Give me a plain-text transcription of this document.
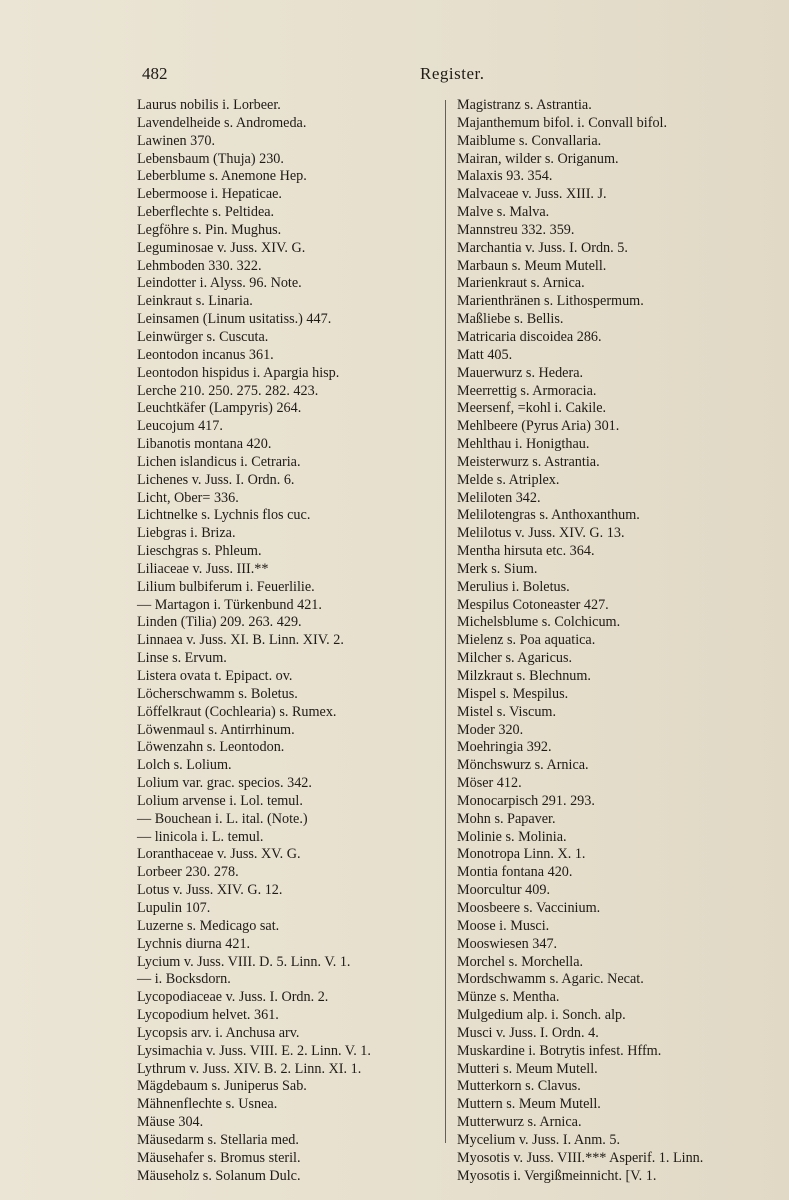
482	Register.
Laurus nobilis i. Lorbeer.
Lavendelheide s. Andromeda.
Lawinen 370.
Lebensbaum (Thuja) 230.
Leberblume s. Anemone Hep.
Lebermoose i. Hepaticae.
Leberflechte s. Peltidea.
Legföhre s. Pin. Mughus.
Leguminosae v. Juss. XIV. G.
Lehmboden 330. 322.
Leindotter i. Alyss. 96. Note.
Leinkraut s. Linaria.
Leinsamen (Linum usitatiss.) 447.
Leinwürger s. Cuscuta.
Leontodon incanus 361.
Leontodon hispidus i. Apargia hisp.
Lerche 210. 250. 275. 282. 423.
Leuchtkäfer (Lampyris) 264.
Leucojum 417.
Libanotis montana 420.
Lichen islandicus i. Cetraria.
Lichenes v. Juss. I. Ordn. 6.
Licht, Ober= 336.
Lichtnelke s. Lychnis flos cuc.
Liebgras i. Briza.
Lieschgras s. Phleum.
Liliaceae v. Juss. III.**
Lilium bulbiferum i. Feuerlilie.
— Martagon i. Türkenbund 421.
Linden (Tilia) 209. 263. 429.
Linnaea v. Juss. XI. B. Linn. XIV. 2.
Linse s. Ervum.
Listera ovata t. Epipact. ov.
Löcherschwamm s. Boletus.
Löffelkraut (Cochlearia) s. Rumex.
Löwenmaul s. Antirrhinum.
Löwenzahn s. Leontodon.
Lolch s. Lolium.
Lolium var. grac. specios. 342.
Lolium arvense i. Lol. temul.
— Bouchean i. L. ital. (Note.)
— linicola i. L. temul.
Loranthaceae v. Juss. XV. G.
Lorbeer 230. 278.
Lotus v. Juss. XIV. G. 12.
Lupulin 107.
Luzerne s. Medicago sat.
Lychnis diurna 421.
Lycium v. Juss. VIII. D. 5. Linn. V. 1.
— i. Bocksdorn.
Lycopodiaceae v. Juss. I. Ordn. 2.
Lycopodium helvet. 361.
Lycopsis arv. i. Anchusa arv.
Lysimachia v. Juss. VIII. E. 2. Linn. V. 1.
Lythrum v. Juss. XIV. B. 2. Linn. XI. 1.
Mägdebaum s. Juniperus Sab.
Mähnenflechte s. Usnea.
Mäuse 304.
Mäusedarm s. Stellaria med.
Mäusehafer s. Bromus steril.
Mäuseholz s. Solanum Dulc.
Magistranz s. Astrantia.
Majanthemum bifol. i. Convall bifol.
Maiblume s. Convallaria.
Mairan, wilder s. Origanum.
Malaxis 93. 354.
Malvaceae v. Juss. XIII. J.
Malve s. Malva.
Mannstreu 332. 359.
Marchantia v. Juss. I. Ordn. 5.
Marbaun s. Meum Mutell.
Marienkraut s. Arnica.
Marienthränen s. Lithospermum.
Maßliebe s. Bellis.
Matricaria discoidea 286.
Matt 405.
Mauerwurz s. Hedera.
Meerrettig s. Armoracia.
Meersenf, =kohl i. Cakile.
Mehlbeere (Pyrus Aria) 301.
Mehlthau i. Honigthau.
Meisterwurz s. Astrantia.
Melde s. Atriplex.
Meliloten 342.
Melilotengras s. Anthoxanthum.
Melilotus v. Juss. XIV. G. 13.
Mentha hirsuta etc. 364.
Merk s. Sium.
Merulius i. Boletus.
Mespilus Cotoneaster 427.
Michelsblume s. Colchicum.
Mielenz s. Poa aquatica.
Milcher s. Agaricus.
Milzkraut s. Blechnum.
Mispel s. Mespilus.
Mistel s. Viscum.
Moder 320.
Moehringia 392.
Mönchswurz s. Arnica.
Möser 412.
Monocarpisch 291. 293.
Mohn s. Papaver.
Molinie s. Molinia.
Monotropa Linn. X. 1.
Montia fontana 420.
Moorcultur 409.
Moosbeere s. Vaccinium.
Moose i. Musci.
Mooswiesen 347.
Morchel s. Morchella.
Mordschwamm s. Agaric. Necat.
Münze s. Mentha.
Mulgedium alp. i. Sonch. alp.
Musci v. Juss. I. Ordn. 4.
Muskardine i. Botrytis infest. Hffm.
Mutteri s. Meum Mutell.
Mutterkorn s. Clavus.
Muttern s. Meum Mutell.
Mutterwurz s. Arnica.
Mycelium v. Juss. I. Anm. 5.
Myosotis v. Juss. VIII.*** Asperif. 1. Linn.
Myosotis i. Vergißmeinnicht. [V. 1.
